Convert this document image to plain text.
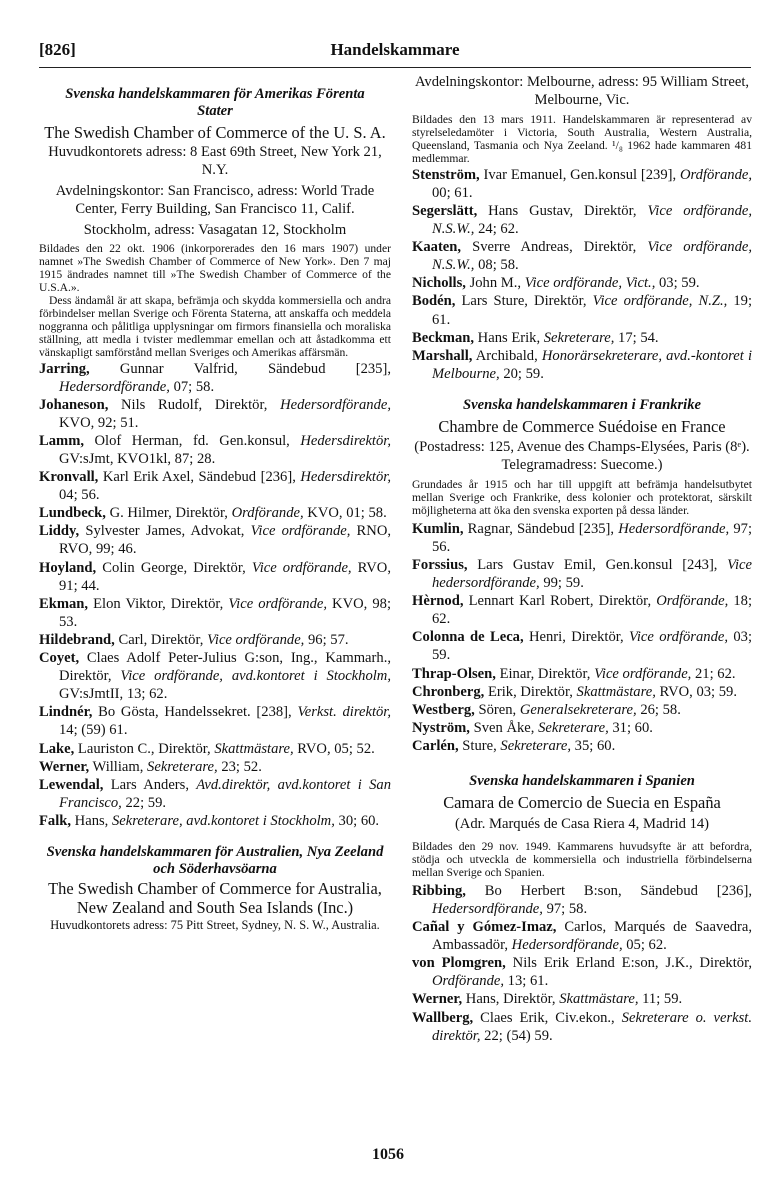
[826]	Handelskammare
Svenska handelskammaren för Amerikas Förenta Stater
The Swedish Chamber of Commerce of the U. S. A.
Huvudkontorets adress: 8 East 69th Street, New York 21, N.Y.
Avdelningskontor: San Francisco, adress: World Trade Center, Ferry Building, San Francisco 11, Calif.
Stockholm, adress: Vasagatan 12, Stockholm
Bildades den 22 okt. 1906 (inkorporerades den 16 mars 1907) under namnet »The Swedish Chamber of Commerce of New York». Den 7 maj 1915 ändrades namnet till »The Swedish Chamber of Commerce of the U.S.A.».
Dess ändamål är att skapa, befrämja och skydda kommersiella och andra förbindelser mellan Sverige och Förenta Staterna, att anskaffa och meddela noggranna och pålitliga upplysningar om firmors finansiella och moraliska ställning, att medla i tvister medlemmar emellan och att åstadkomma ett vänskapligt samförstånd mellan Sveriges och Amerikas affärsmän.
Jarring, Gunnar Valfrid, Sändebud [235], Hedersordförande, 07; 58.
Johaneson, Nils Rudolf, Direktör, Hedersordförande, KVO, 92; 51.
Lamm, Olof Herman, fd. Gen.konsul, Hedersdirektör, GV:sJmt, KVO1kl, 87; 28.
Kronvall, Karl Erik Axel, Sändebud [236], Hedersdirektör, 04; 56.
Lundbeck, G. Hilmer, Direktör, Ordförande, KVO, 01; 58.
Liddy, Sylvester James, Advokat, Vice ordförande, RNO, RVO, 99; 46.
Hoyland, Colin George, Direktör, Vice ordförande, RVO, 91; 44.
Ekman, Elon Viktor, Direktör, Vice ordförande, KVO, 98; 53.
Hildebrand, Carl, Direktör, Vice ordförande, 96; 57.
Coyet, Claes Adolf Peter-Julius G:son, Ing., Kammarh., Direktör, Vice ordförande, avd.kontoret i Stockholm, GV:sJmtII, 13; 62.
Lindnér, Bo Gösta, Handelssekret. [238], Verkst. direktör, 14; (59) 61.
Lake, Lauriston C., Direktör, Skattmästare, RVO, 05; 52.
Werner, William, Sekreterare, 23; 52.
Lewendal, Lars Anders, Avd.direktör, avd.kontoret i San Francisco, 22; 59.
Falk, Hans, Sekreterare, avd.kontoret i Stockholm, 30; 60.
Svenska handelskammaren för Australien, Nya Zeeland och Söderhavsöarna
The Swedish Chamber of Commerce for Australia, New Zealand and South Sea Islands (Inc.)
Huvudkontorets adress: 75 Pitt Street, Sydney, N. S. W., Australia.
Avdelningskontor: Melbourne, adress: 95 William Street, Melbourne, Vic.
Bildades den 13 mars 1911. Handelskammaren är representerad av styrelseledamöter i Victoria, South Australia, Western Australia, Queensland, Tasmania och Nya Zeeland. ¹/₈ 1962 hade kammaren 481 medlemmar.
Stenström, Ivar Emanuel, Gen.konsul [239], Ordförande, 00; 61.
Segerslätt, Hans Gustav, Direktör, Vice ordförande, N.S.W., 24; 62.
Kaaten, Sverre Andreas, Direktör, Vice ordförande, N.S.W., 08; 58.
Nicholls, John M., Vice ordförande, Vict., 03; 59.
Bodén, Lars Sture, Direktör, Vice ordförande, N.Z., 19; 61.
Beckman, Hans Erik, Sekreterare, 17; 54.
Marshall, Archibald, Honorärsekreterare, avd.-kontoret i Melbourne, 20; 59.
Svenska handelskammaren i Frankrike
Chambre de Commerce Suédoise en France
(Postadress: 125, Avenue des Champs-Elysées, Paris (8ᵉ). Telegramadress: Suecome.)
Grundades år 1915 och har till uppgift att befrämja handelsutbytet mellan Sverige och Frankrike, dess kolonier och protektorat, särskilt möjligheterna att öka den svenska exporten på dessa länder.
Kumlin, Ragnar, Sändebud [235], Hedersordförande, 97; 56.
Forssius, Lars Gustav Emil, Gen.konsul [243], Vice hedersordförande, 99; 59.
Hèrnod, Lennart Karl Robert, Direktör, Ordförande, 18; 62.
Colonna de Leca, Henri, Direktör, Vice ordförande, 03; 59.
Thrap-Olsen, Einar, Direktör, Vice ordförande, 21; 62.
Chronberg, Erik, Direktör, Skattmästare, RVO, 03; 59.
Westberg, Sören, Generalsekreterare, 26; 58.
Nyström, Sven Åke, Sekreterare, 31; 60.
Carlén, Sture, Sekreterare, 35; 60.
Svenska handelskammaren i Spanien
Camara de Comercio de Suecia en España
(Adr. Marqués de Casa Riera 4, Madrid 14)
Bildades den 29 nov. 1949. Kammarens huvudsyfte är att befordra, stödja och utveckla de kommersiella och industriella förbindelserna mellan Sverige och Spanien.
Ribbing, Bo Herbert B:son, Sändebud [236], Hedersordförande, 97; 58.
Cañal y Gómez-Imaz, Carlos, Marqués de Saavedra, Ambassadör, Hedersordförande, 05; 62.
von Plomgren, Nils Erik Erland E:son, J.K., Direktör, Ordförande, 13; 61.
Werner, Hans, Direktör, Skattmästare, 11; 59.
Wallberg, Claes Erik, Civ.ekon., Sekreterare o. verkst. direktör, 22; (54) 59.
1056
